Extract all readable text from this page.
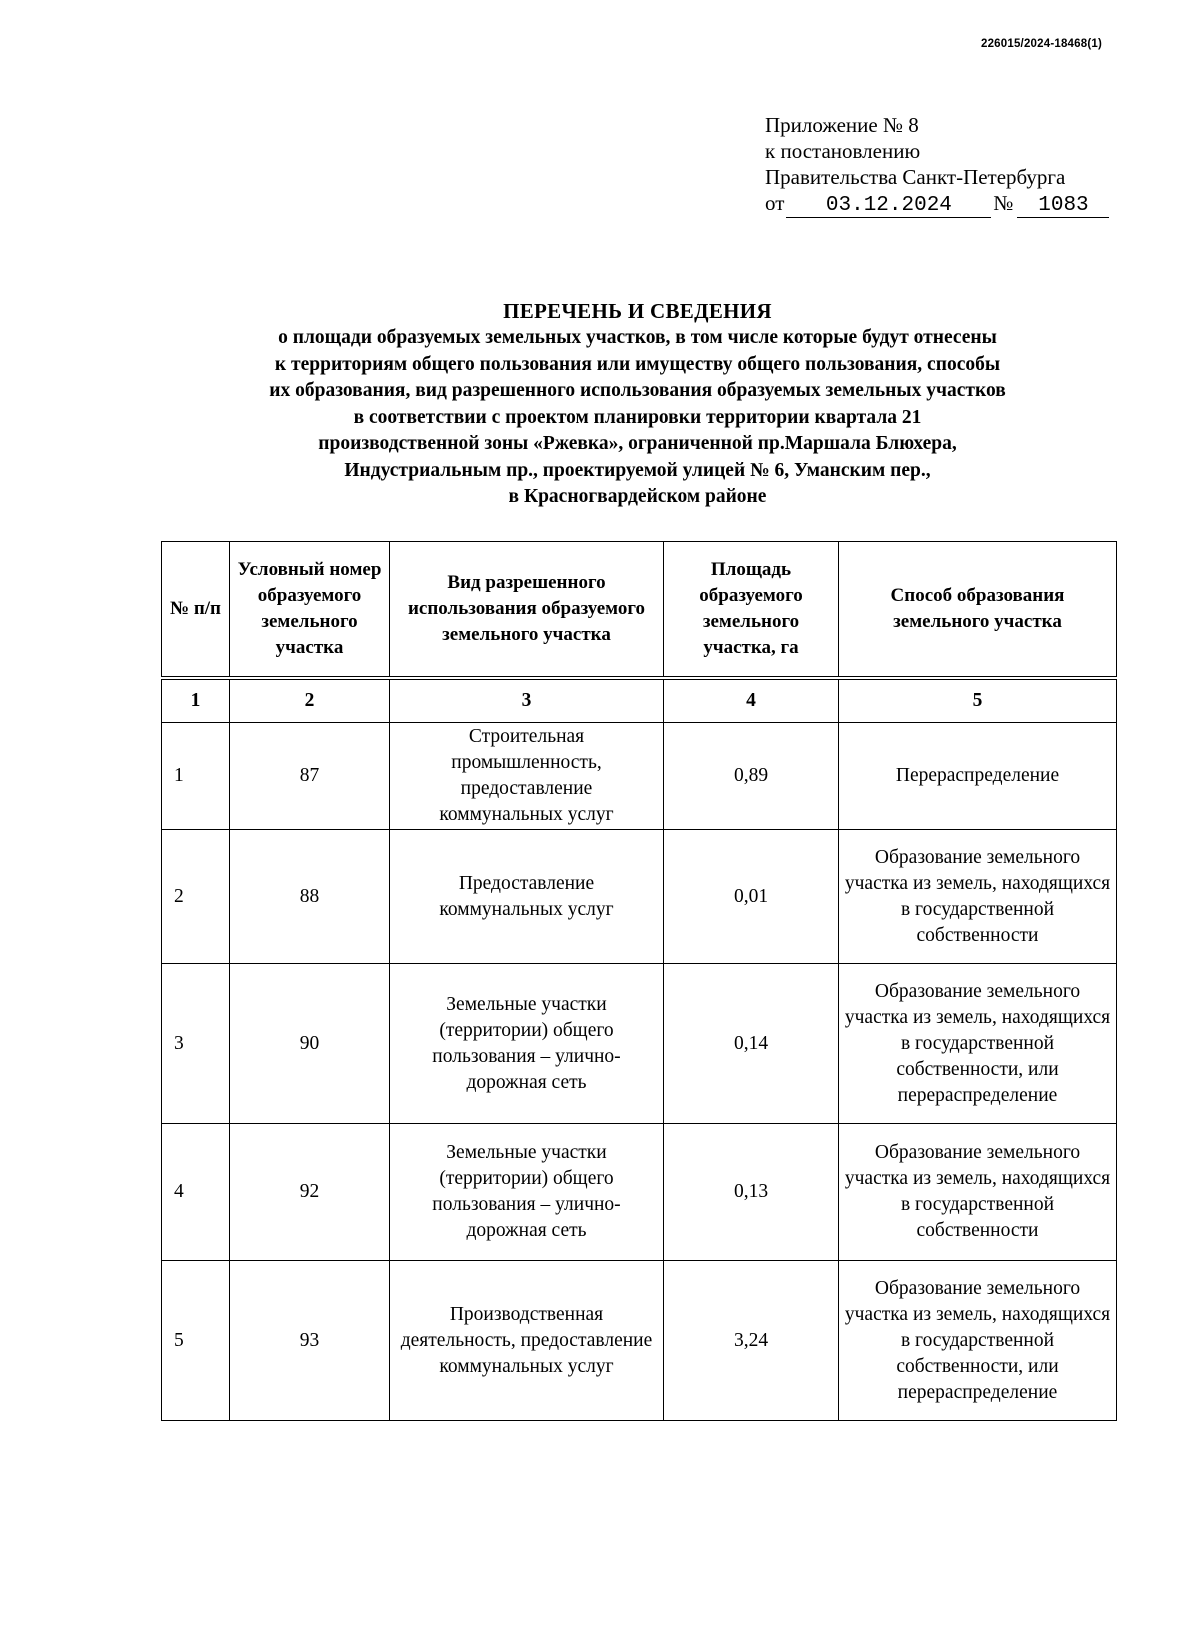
226015/2024-18468(1)
Приложение № 8
к постановлению
Правительства Санкт-Петербурга
от	03.12.2024	№	1083
ПЕРЕЧЕНЬ И СВЕДЕНИЯ
о площади образуемых земельных участков, в том числе которые будут отнесены
к территориям общего пользования или имуществу общего пользования, способы
их образования, вид разрешенного использования образуемых земельных участков
в соответствии с проектом планировки территории квартала 21
производственной зоны «Ржевка», ограниченной пр.Маршала Блюхера,
Индустриальным пр., проектируемой улицей № 6, Уманским пер.,
в Красногвардейском районе
№ п/п	Условный номер образуемого земельного участка	Вид разрешенного использования образуемого земельного участка	Площадь образуемого земельного участка, га	Способ образования земельного участка
1	2	3	4	5
1	87	Строительная промышленность, предоставление коммунальных услуг	0,89	Перераспределение
2	88	Предоставление коммунальных услуг	0,01	Образование земельного участка из земель, находящихся в государственной собственности
3	90	Земельные участки (территории) общего пользования – улично-дорожная сеть	0,14	Образование земельного участка из земель, находящихся в государственной собственности, или перераспределение
4	92	Земельные участки (территории) общего пользования – улично-дорожная сеть	0,13	Образование земельного участка из земель, находящихся в государственной собственности
5	93	Производственная деятельность, предоставление коммунальных услуг	3,24	Образование земельного участка из земель, находящихся в государственной собственности, или перераспределение
